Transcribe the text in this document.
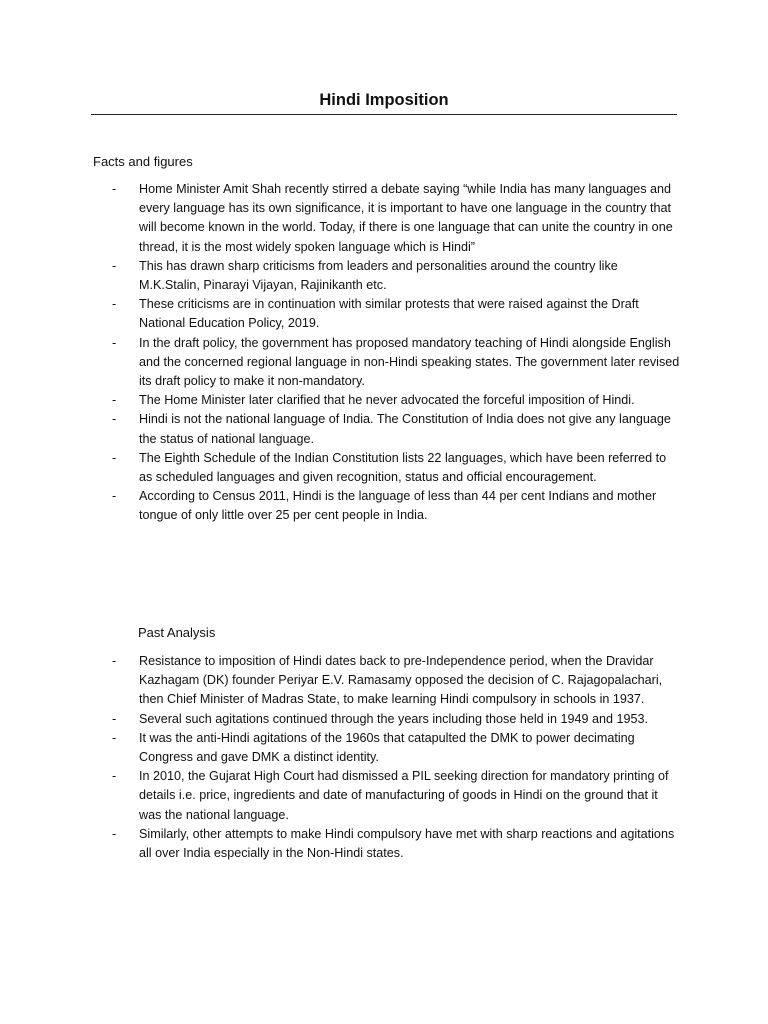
Hindi Imposition
Facts and figures
-	Home Minister Amit Shah recently stirred a debate saying “while India has many languages and every language has its own significance, it is important to have one language in the country that will become known in the world. Today, if there is one language that can unite the country in one thread, it is the most widely spoken language which is Hindi”
-	This has drawn sharp criticisms from leaders and personalities around the country like M.K.Stalin, Pinarayi Vijayan, Rajinikanth etc.
-	These criticisms are in continuation with similar protests that were raised against the Draft National Education Policy, 2019.
-	In the draft policy, the government has proposed mandatory teaching of Hindi alongside English and the concerned regional language in non-Hindi speaking states. The government later revised its draft policy to make it non-mandatory.
-	The Home Minister later clarified that he never advocated the forceful imposition of Hindi.
-	Hindi is not the national language of India. The Constitution of India does not give any language the status of national language.
-	The Eighth Schedule of the Indian Constitution lists 22 languages, which have been referred to as scheduled languages and given recognition, status and official encouragement.
-	According to Census 2011, Hindi is the language of less than 44 per cent Indians and mother tongue of only little over 25 per cent people in India.
Past Analysis
-	Resistance to imposition of Hindi dates back to pre-Independence period, when the Dravidar Kazhagam (DK) founder Periyar E.V. Ramasamy opposed the decision of C. Rajagopalachari, then Chief Minister of Madras State, to make learning Hindi compulsory in schools in 1937.
-	Several such agitations continued through the years including those held in 1949 and 1953.
-	It was the anti-Hindi agitations of the 1960s that catapulted the DMK to power decimating Congress and gave DMK a distinct identity.
-	In 2010, the Gujarat High Court had dismissed a PIL seeking direction for mandatory printing of details i.e. price, ingredients and date of manufacturing of goods in Hindi on the ground that it was the national language.
-	Similarly, other attempts to make Hindi compulsory have met with sharp reactions and agitations all over India especially in the Non-Hindi states.
